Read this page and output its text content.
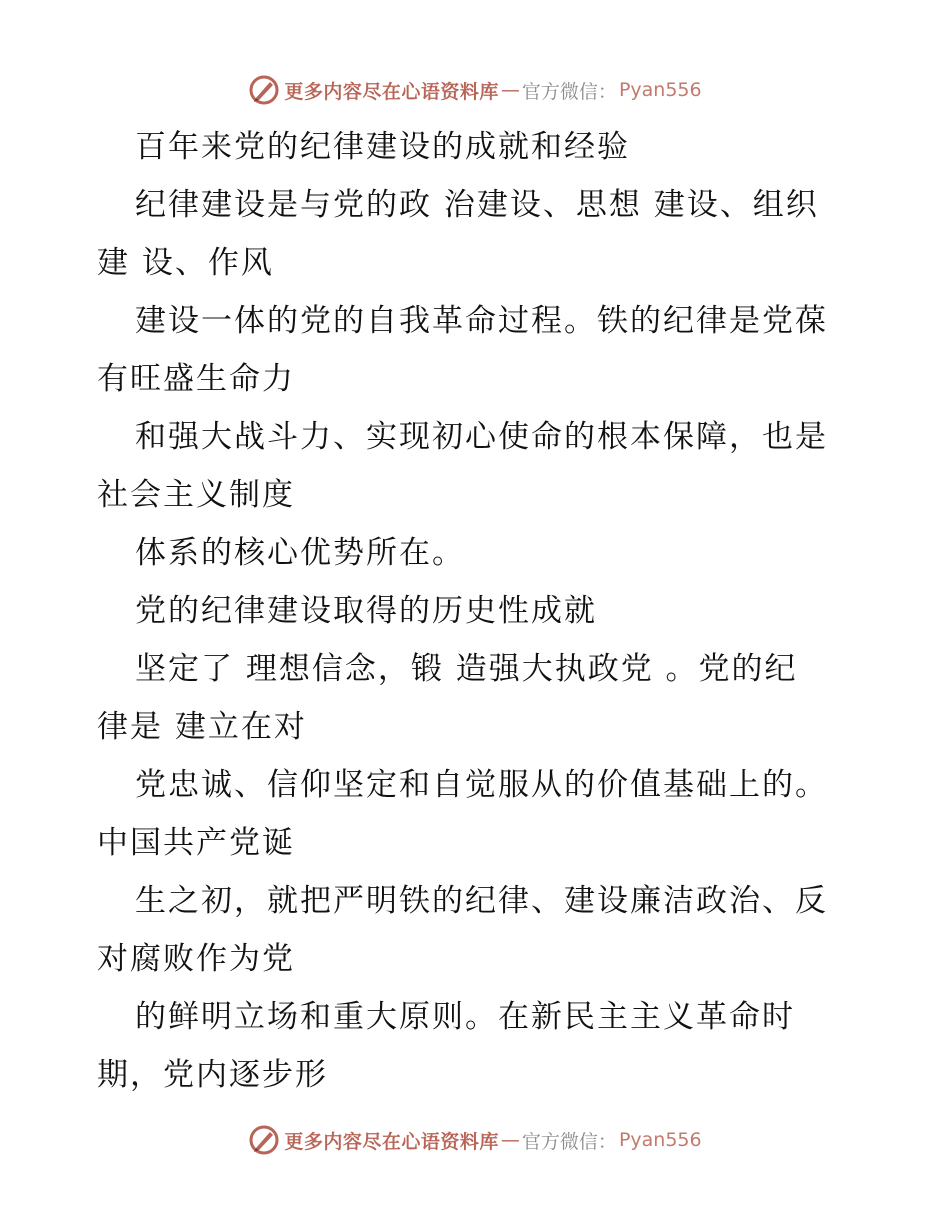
更多内容尽在心语资料库 — 官方微信： Pyan556
百年来党的纪律建设的成就和经验
纪律建设是与党的政 治建设、思想 建设、组织
建 设、作风
建设一体的党的自我革命过程。铁的纪律是党葆
有旺盛生命力
和强大战斗力、实现初心使命的根本保障，也是
社会主义制度
体系的核心优势所在。
党的纪律建设取得的历史性成就
坚定了 理想信念，锻 造强大执政党 。党的纪
律是 建立在对
党忠诚、信仰坚定和自觉服从的价值基础上的。
中国共产党诞
生之初，就把严明铁的纪律、建设廉洁政治、反
对腐败作为党
的鲜明立场和重大原则。在新民主主义革命时
期，党内逐步形
更多内容尽在心语资料库 — 官方微信： Pyan556
